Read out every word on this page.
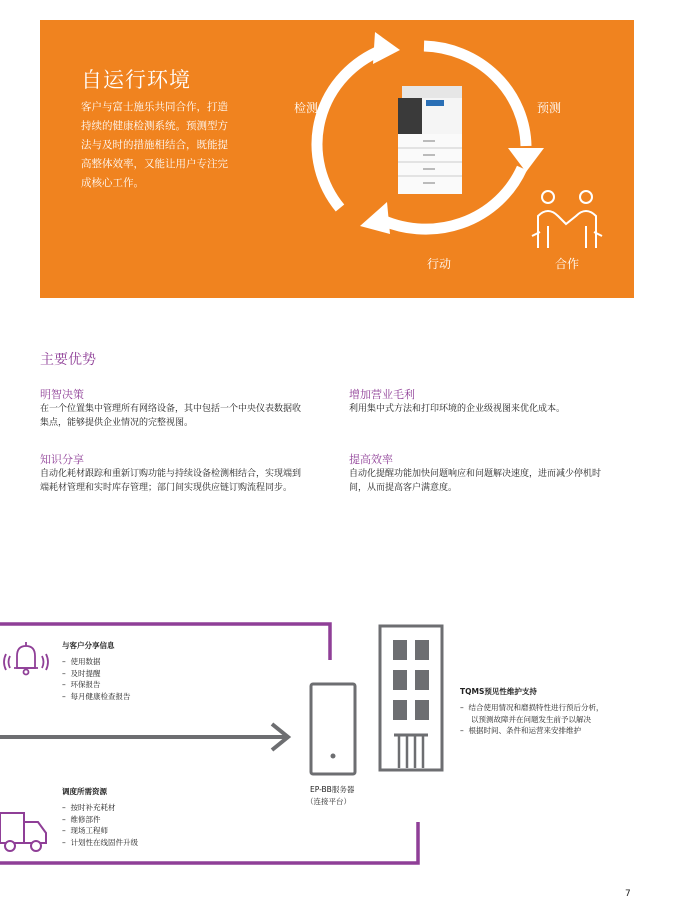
自运行环境
客户与富士施乐共同合作，打造
持续的健康检测系统。预测型方
法与及时的措施相结合，既能提
高整体效率，又能让用户专注完
成核心工作。
检测	预测
行动	合作
主要优势
明智决策
在一个位置集中管理所有网络设备，其中包括一个中央仪表数据收
集点，能够提供企业情况的完整视图。
增加营业毛利
利用集中式方法和打印环境的企业级视图来优化成本。
知识分享
自动化耗材跟踪和重新订购功能与持续设备检测相结合，实现端到
端耗材管理和实时库存管理；部门间实现供应链订购流程同步。
提高效率
自动化提醒功能加快问题响应和问题解决速度，进而减少停机时
间，从而提高客户满意度。
与客户分享信息
–  使用数据
–  及时提醒
–  环保报告
–  每月健康检查报告
调度所需资源
–  按时补充耗材
–  维修部件
–  现场工程师
–  计划性在线固件升级
EP-BB服务器
（连接平台）
TQMS预见性维护支持
–  结合使用情况和磨损特性进行预后分析，
以预测故障并在问题发生前予以解决
–  根据时间、条件和运营来安排维护
7
